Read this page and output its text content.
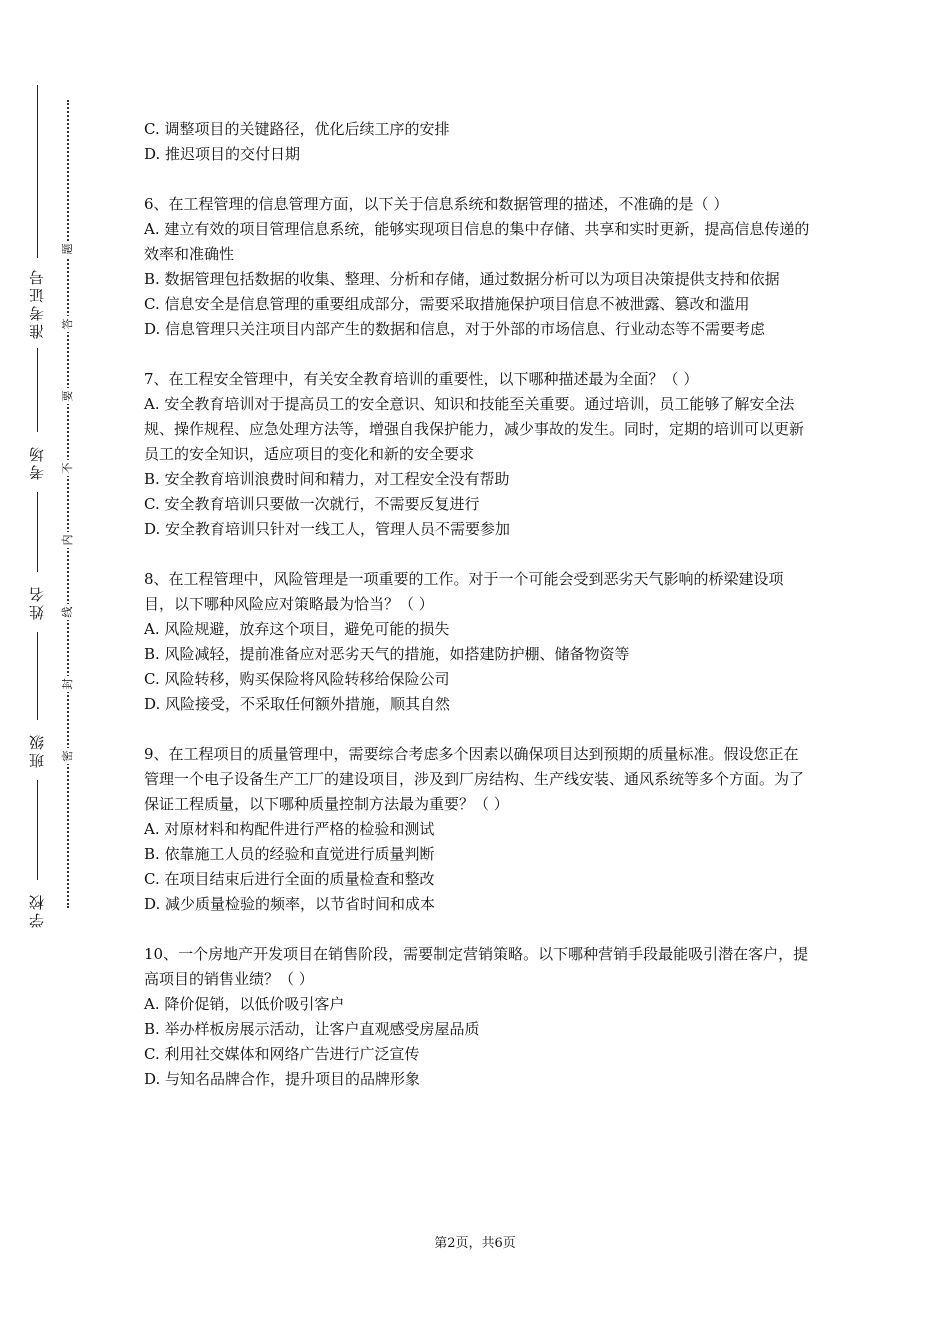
准考证号
考场
姓名
班级
学校
题
答
要
不
内
线
封
密

C. 调整项目的关键路径，优化后续工序的安排

D. 推迟项目的交付日期

6、在工程管理的信息管理方面，以下关于信息系统和数据管理的描述，不准确的是（ ）

A. 建立有效的项目管理信息系统，能够实现项目信息的集中存储、共享和实时更新，提高信息传递的效率和准确性

B. 数据管理包括数据的收集、整理、分析和存储，通过数据分析可以为项目决策提供支持和依据

C. 信息安全是信息管理的重要组成部分，需要采取措施保护项目信息不被泄露、篡改和滥用

D. 信息管理只关注项目内部产生的数据和信息，对于外部的市场信息、行业动态等不需要考虑

7、在工程安全管理中，有关安全教育培训的重要性，以下哪种描述最为全面？（ ）

A. 安全教育培训对于提高员工的安全意识、知识和技能至关重要。通过培训，员工能够了解安全法规、操作规程、应急处理方法等，增强自我保护能力，减少事故的发生。同时，定期的培训可以更新员工的安全知识，适应项目的变化和新的安全要求

B. 安全教育培训浪费时间和精力，对工程安全没有帮助

C. 安全教育培训只要做一次就行，不需要反复进行

D. 安全教育培训只针对一线工人，管理人员不需要参加

8、在工程管理中，风险管理是一项重要的工作。对于一个可能会受到恶劣天气影响的桥梁建设项目，以下哪种风险应对策略最为恰当？（ ）

A. 风险规避，放弃这个项目，避免可能的损失

B. 风险减轻，提前准备应对恶劣天气的措施，如搭建防护棚、储备物资等

C. 风险转移，购买保险将风险转移给保险公司

D. 风险接受，不采取任何额外措施，顺其自然

9、在工程项目的质量管理中，需要综合考虑多个因素以确保项目达到预期的质量标准。假设您正在管理一个电子设备生产工厂的建设项目，涉及到厂房结构、生产线安装、通风系统等多个方面。为了保证工程质量，以下哪种质量控制方法最为重要？（ ）

A. 对原材料和构配件进行严格的检验和测试

B. 依靠施工人员的经验和直觉进行质量判断

C. 在项目结束后进行全面的质量检查和整改

D. 减少质量检验的频率，以节省时间和成本

10、一个房地产开发项目在销售阶段，需要制定营销策略。以下哪种营销手段最能吸引潜在客户，提高项目的销售业绩？（ ）

A. 降价促销，以低价吸引客户

B. 举办样板房展示活动，让客户直观感受房屋品质

C. 利用社交媒体和网络广告进行广泛宣传

D. 与知名品牌合作，提升项目的品牌形象

第2页，共6页
